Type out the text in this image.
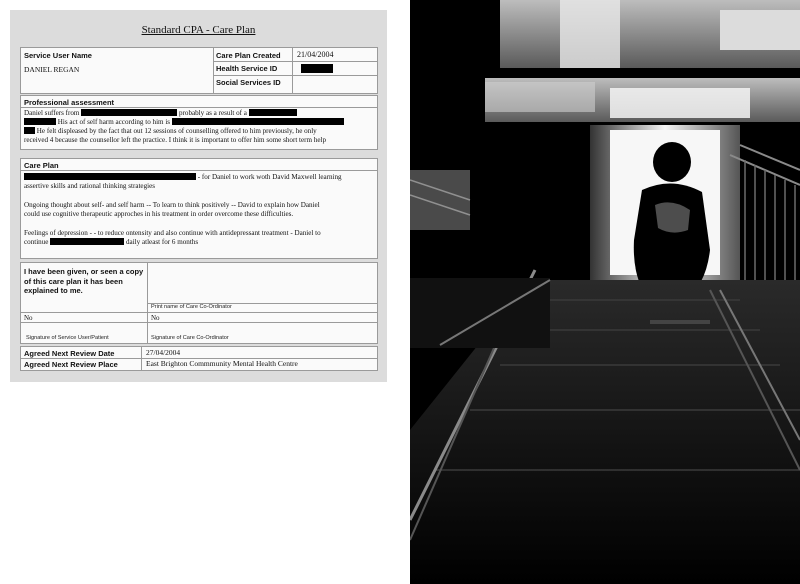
Standard CPA - Care Plan
Service User Name
DANIEL REGAN
Care Plan Created 21/04/2004
Health Service ID
Social Services ID
Professional assessment
Daniel suffers from	probably as a result of a
His act of self harm according to him is
He felt displeased by the fact that out 12 sessions of counselling offered to him previously, he only
received 4 because the counsellor left the practice. I think it is important to offer him some short term help
Care Plan
- for Daniel to work woth David Maxwell learning
assertive skills and rational thinking strategies
Ongoing thought about self- and self harm -- To learn to think positively -- David to explain how Daniel
could use cognitive therapeutic approches in his treatment in order overcome these difficulties.
Feelings of depression - - to reduce ontensity and also continue with antidepressant treatment - Daniel to
continue	daily atleast for 6 months
I have been given, or seen a copy of this care plan it has been explained to me.
Print name of Care Co-Ordinator
No	No
Signature of Service User/Patient	Signature of Care Co-Ordinator
Agreed Next Review Date	27/04/2004
Agreed Next Review Place	East Brighton Commmunity Mental Health Centre
